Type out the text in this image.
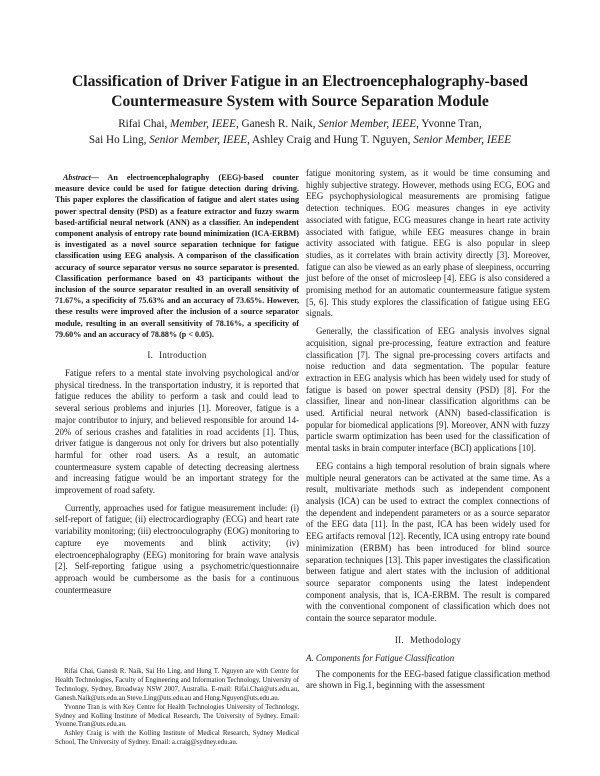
Classification of Driver Fatigue in an Electroencephalography-based Countermeasure System with Source Separation Module
Rifai Chai, Member, IEEE, Ganesh R. Naik, Senior Member, IEEE, Yvonne Tran,
Sai Ho Ling, Senior Member, IEEE, Ashley Craig and Hung T. Nguyen, Senior Member, IEEE

Abstract— An electroencephalography (EEG)-based counter measure device could be used for fatigue detection during driving. This paper explores the classification of fatigue and alert states using power spectral density (PSD) as a feature extractor and fuzzy swarm based-artificial neural network (ANN) as a classifier. An independent component analysis of entropy rate bound minimization (ICA-ERBM) is investigated as a novel source separation technique for fatigue classification using EEG analysis. A comparison of the classification accuracy of source separator versus no source separator is presented. Classification performance based on 43 participants without the inclusion of the source separator resulted in an overall sensitivity of 71.67%, a specificity of 75.63% and an accuracy of 73.65%. However, these results were improved after the inclusion of a source separator module, resulting in an overall sensitivity of 78.16%, a specificity of 79.60% and an accuracy of 78.88% (p < 0.05).

I. Introduction

Fatigue refers to a mental state involving psychological and/or physical tiredness. In the transportation industry, it is reported that fatigue reduces the ability to perform a task and could lead to several serious problems and injuries [1]. Moreover, fatigue is a major contributor to injury, and believed responsible for around 14-20% of serious crashes and fatalities in road accidents [1]. Thus, driver fatigue is dangerous not only for drivers but also potentially harmful for other road users. As a result, an automatic countermeasure system capable of detecting decreasing alertness and increasing fatigue would be an important strategy for the improvement of road safety.

Currently, approaches used for fatigue measurement include: (i) self-report of fatigue; (ii) electrocardiography (ECG) and heart rate variability monitoring; (iii) electrooculography (EOG) monitoring to capture eye movements and blink activity; (iv) electroencephalography (EEG) monitoring for brain wave analysis [2]. Self-reporting fatigue using a psychometric/questionnaire approach would be cumbersome as the basis for a continuous countermeasure

Rifai Chai, Ganesh R. Naik, Sai Ho Ling, and Hung T. Nguyen are with Centre for Health Technologies, Faculty of Engineering and Information Technology, University of Technology, Sydney, Broadway NSW 2007, Australia. E-mail: Rifai.Chai@uts.edu.au, Ganesh.Naik@uts.edu.au Steve.Ling@uts.edu.au and Hung.Nguyen@uts.edu.au.

Yvonne Tran is with Key Centre for Health Technologies University of Technology, Sydney and Kolling Institute of Medical Research, The University of Sydney. Email: Yvonne.Tran@uts.edu.au.

Ashley Craig is with the Kolling Institute of Medical Research, Sydney Medical School, The University of Sydney. Email: a.craig@sydney.edu.au.

fatigue monitoring system, as it would be time consuming and highly subjective strategy. However, methods using ECG, EOG and EEG psychophysiological measurements are promising fatigue detection techniques. EOG measures changes in eye activity associated with fatigue, ECG measures change in heart rate activity associated with fatigue, while EEG measures change in brain activity associated with fatigue. EEG is also popular in sleep studies, as it correlates with brain activity directly [3]. Moreover, fatigue can also be viewed as an early phase of sleepiness, occurring just before of the onset of microsleep [4]. EEG is also considered a promising method for an automatic countermeasure fatigue system [5, 6]. This study explores the classification of fatigue using EEG signals.

Generally, the classification of EEG analysis involves signal acquisition, signal pre-processing, feature extraction and feature classification [7]. The signal pre-processing covers artifacts and noise reduction and data segmentation. The popular feature extraction in EEG analysis which has been widely used for study of fatigue is based on power spectral density (PSD) [8]. For the classifier, linear and non-linear classification algorithms can be used. Artificial neural network (ANN) based-classification is popular for biomedical applications [9]. Moreover, ANN with fuzzy particle swarm optimization has been used for the classification of mental tasks in brain computer interface (BCI) applications [10].

EEG contains a high temporal resolution of brain signals where multiple neural generators can be activated at the same time. As a result, multivariate methods such as independent component analysis (ICA) can be used to extract the complex connections of the dependent and independent parameters or as a source separator of the EEG data [11]. In the past, ICA has been widely used for EEG artifacts removal [12]. Recently, ICA using entropy rate bound minimization (ERBM) has been introduced for blind source separation techniques [13]. This paper investigates the classification between fatigue and alert states with the inclusion of additional source separator components using the latest independent component analysis, that is, ICA-ERBM. The result is compared with the conventional component of classification which does not contain the source separator module.

II. Methodology

A. Components for Fatigue Classification

The components for the EEG-based fatigue classification method are shown in Fig.1, beginning with the assessment
